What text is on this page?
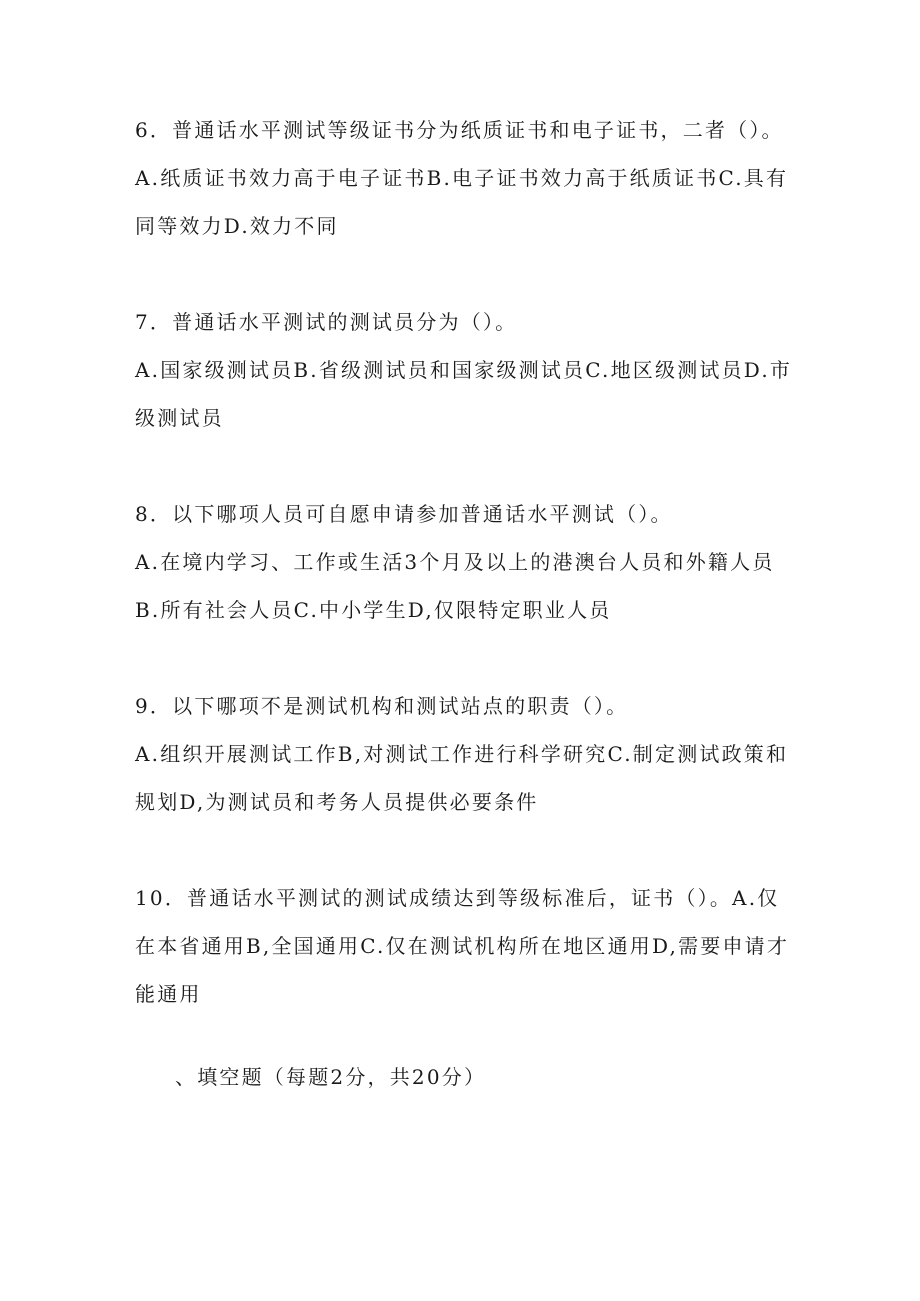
6．普通话水平测试等级证书分为纸质证书和电子证书，二者（）。

A.纸质证书效力高于电子证书B.电子证书效力高于纸质证书C.具有同等效力D.效力不同

7．普通话水平测试的测试员分为（）。

A.国家级测试员B.省级测试员和国家级测试员C.地区级测试员D.市级测试员

8．以下哪项人员可自愿申请参加普通话水平测试（）。

A.在境内学习、工作或生活3个月及以上的港澳台人员和外籍人员B.所有社会人员C.中小学生D,仅限特定职业人员

9．以下哪项不是测试机构和测试站点的职责（）。

A.组织开展测试工作B,对测试工作进行科学研究C.制定测试政策和规划D,为测试员和考务人员提供必要条件

10．普通话水平测试的测试成绩达到等级标准后，证书（）。A.仅在本省通用B,全国通用C.仅在测试机构所在地区通用D,需要申请才能通用

、填空题（每题2分，共20分）
